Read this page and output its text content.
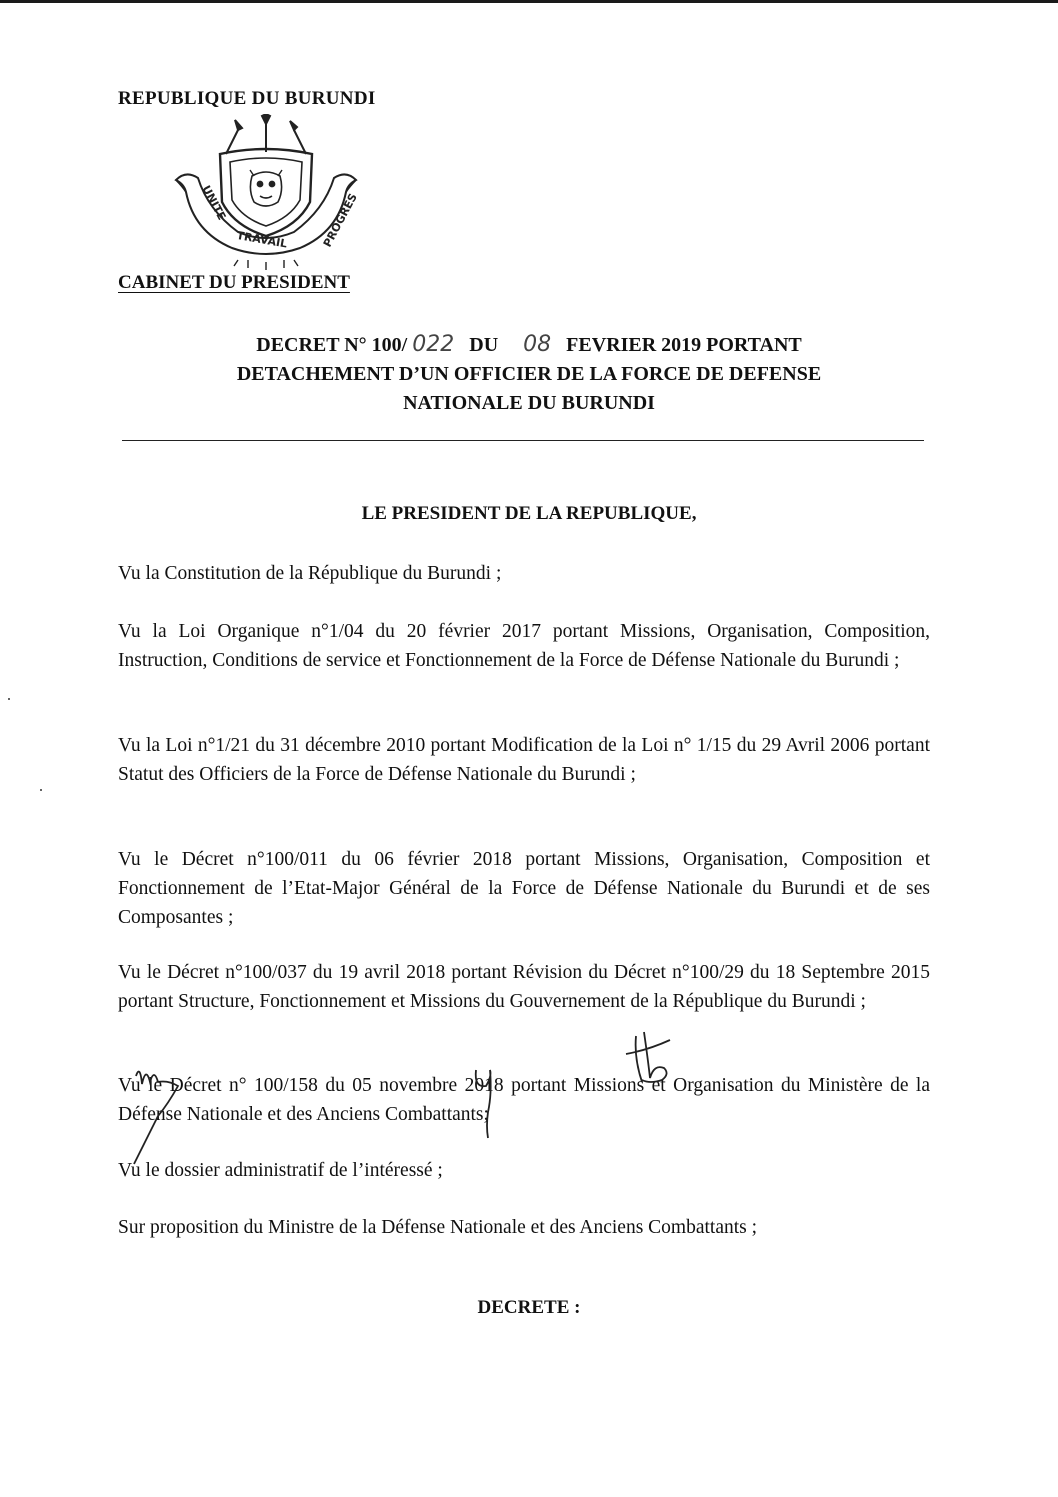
REPUBLIQUE DU BURUNDI
UNITE
TRAVAIL	PROGRES
CABINET DU PRESIDENT
DECRET N° 100/ 022 DU 08 FEVRIER 2019 PORTANT
DETACHEMENT D’UN OFFICIER DE LA FORCE DE DEFENSE
NATIONALE DU BURUNDI
LE PRESIDENT DE LA REPUBLIQUE,
Vu la Constitution de la République du Burundi ;
Vu la Loi Organique n°1/04 du 20 février 2017 portant Missions, Organisation, Composition, Instruction, Conditions de service et Fonctionnement de la Force de Défense Nationale du Burundi ;
Vu la Loi n°1/21 du 31 décembre 2010 portant Modification de la Loi n° 1/15 du 29 Avril 2006 portant Statut des Officiers de la Force de Défense Nationale du Burundi ;
Vu le Décret n°100/011 du 06 février 2018 portant Missions, Organisation, Composition et Fonctionnement de l’Etat-Major Général de la Force de Défense Nationale du Burundi et de ses Composantes ;
Vu le Décret n°100/037 du 19 avril 2018 portant Révision du Décret n°100/29 du 18 Septembre 2015 portant Structure, Fonctionnement et Missions du Gouvernement de la République du Burundi ;
Vu le Décret n° 100/158 du 05 novembre 2018 portant Missions et Organisation du Ministère de la Défense Nationale et des Anciens Combattants;
Vu le dossier administratif de l’intéressé ;
Sur proposition du Ministre de la Défense Nationale et des Anciens Combattants ;
DECRETE :
